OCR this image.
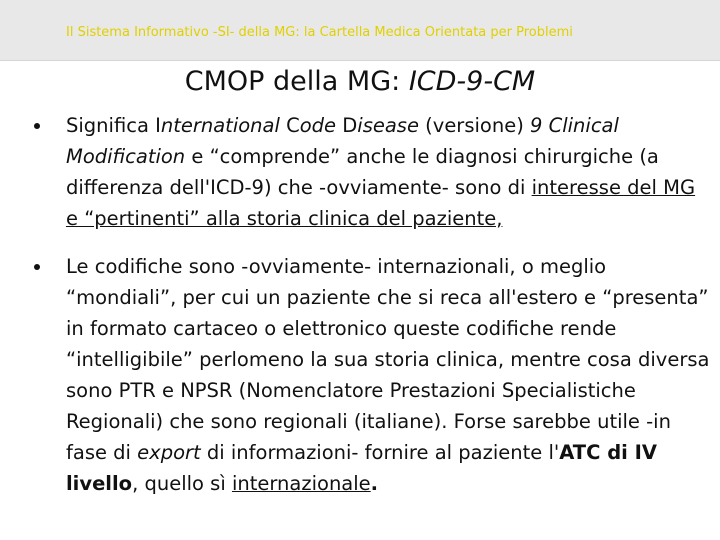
Il Sistema Informativo -SI- della MG: la Cartella Medica Orientata per Problemi
CMOP della MG: ICD-9-CM
Significa International Code Disease (versione) 9 Clinical Modification e “comprende” anche le diagnosi chirurgiche (a differenza dell'ICD-9) che -ovviamente- sono di interesse del MG e “pertinenti” alla storia clinica del paziente,
Le codifiche sono -ovviamente- internazionali, o meglio “mondiali”, per cui un paziente che si reca all'estero e “presenta” in formato cartaceo o elettronico queste codifiche rende “intelligibile” perlomeno la sua storia clinica, mentre cosa diversa sono PTR e NPSR (Nomenclatore Prestazioni Specialistiche Regionali) che sono regionali (italiane). Forse sarebbe utile -in fase di export di informazioni- fornire al paziente l'ATC di IV livello, quello sì internazionale.
